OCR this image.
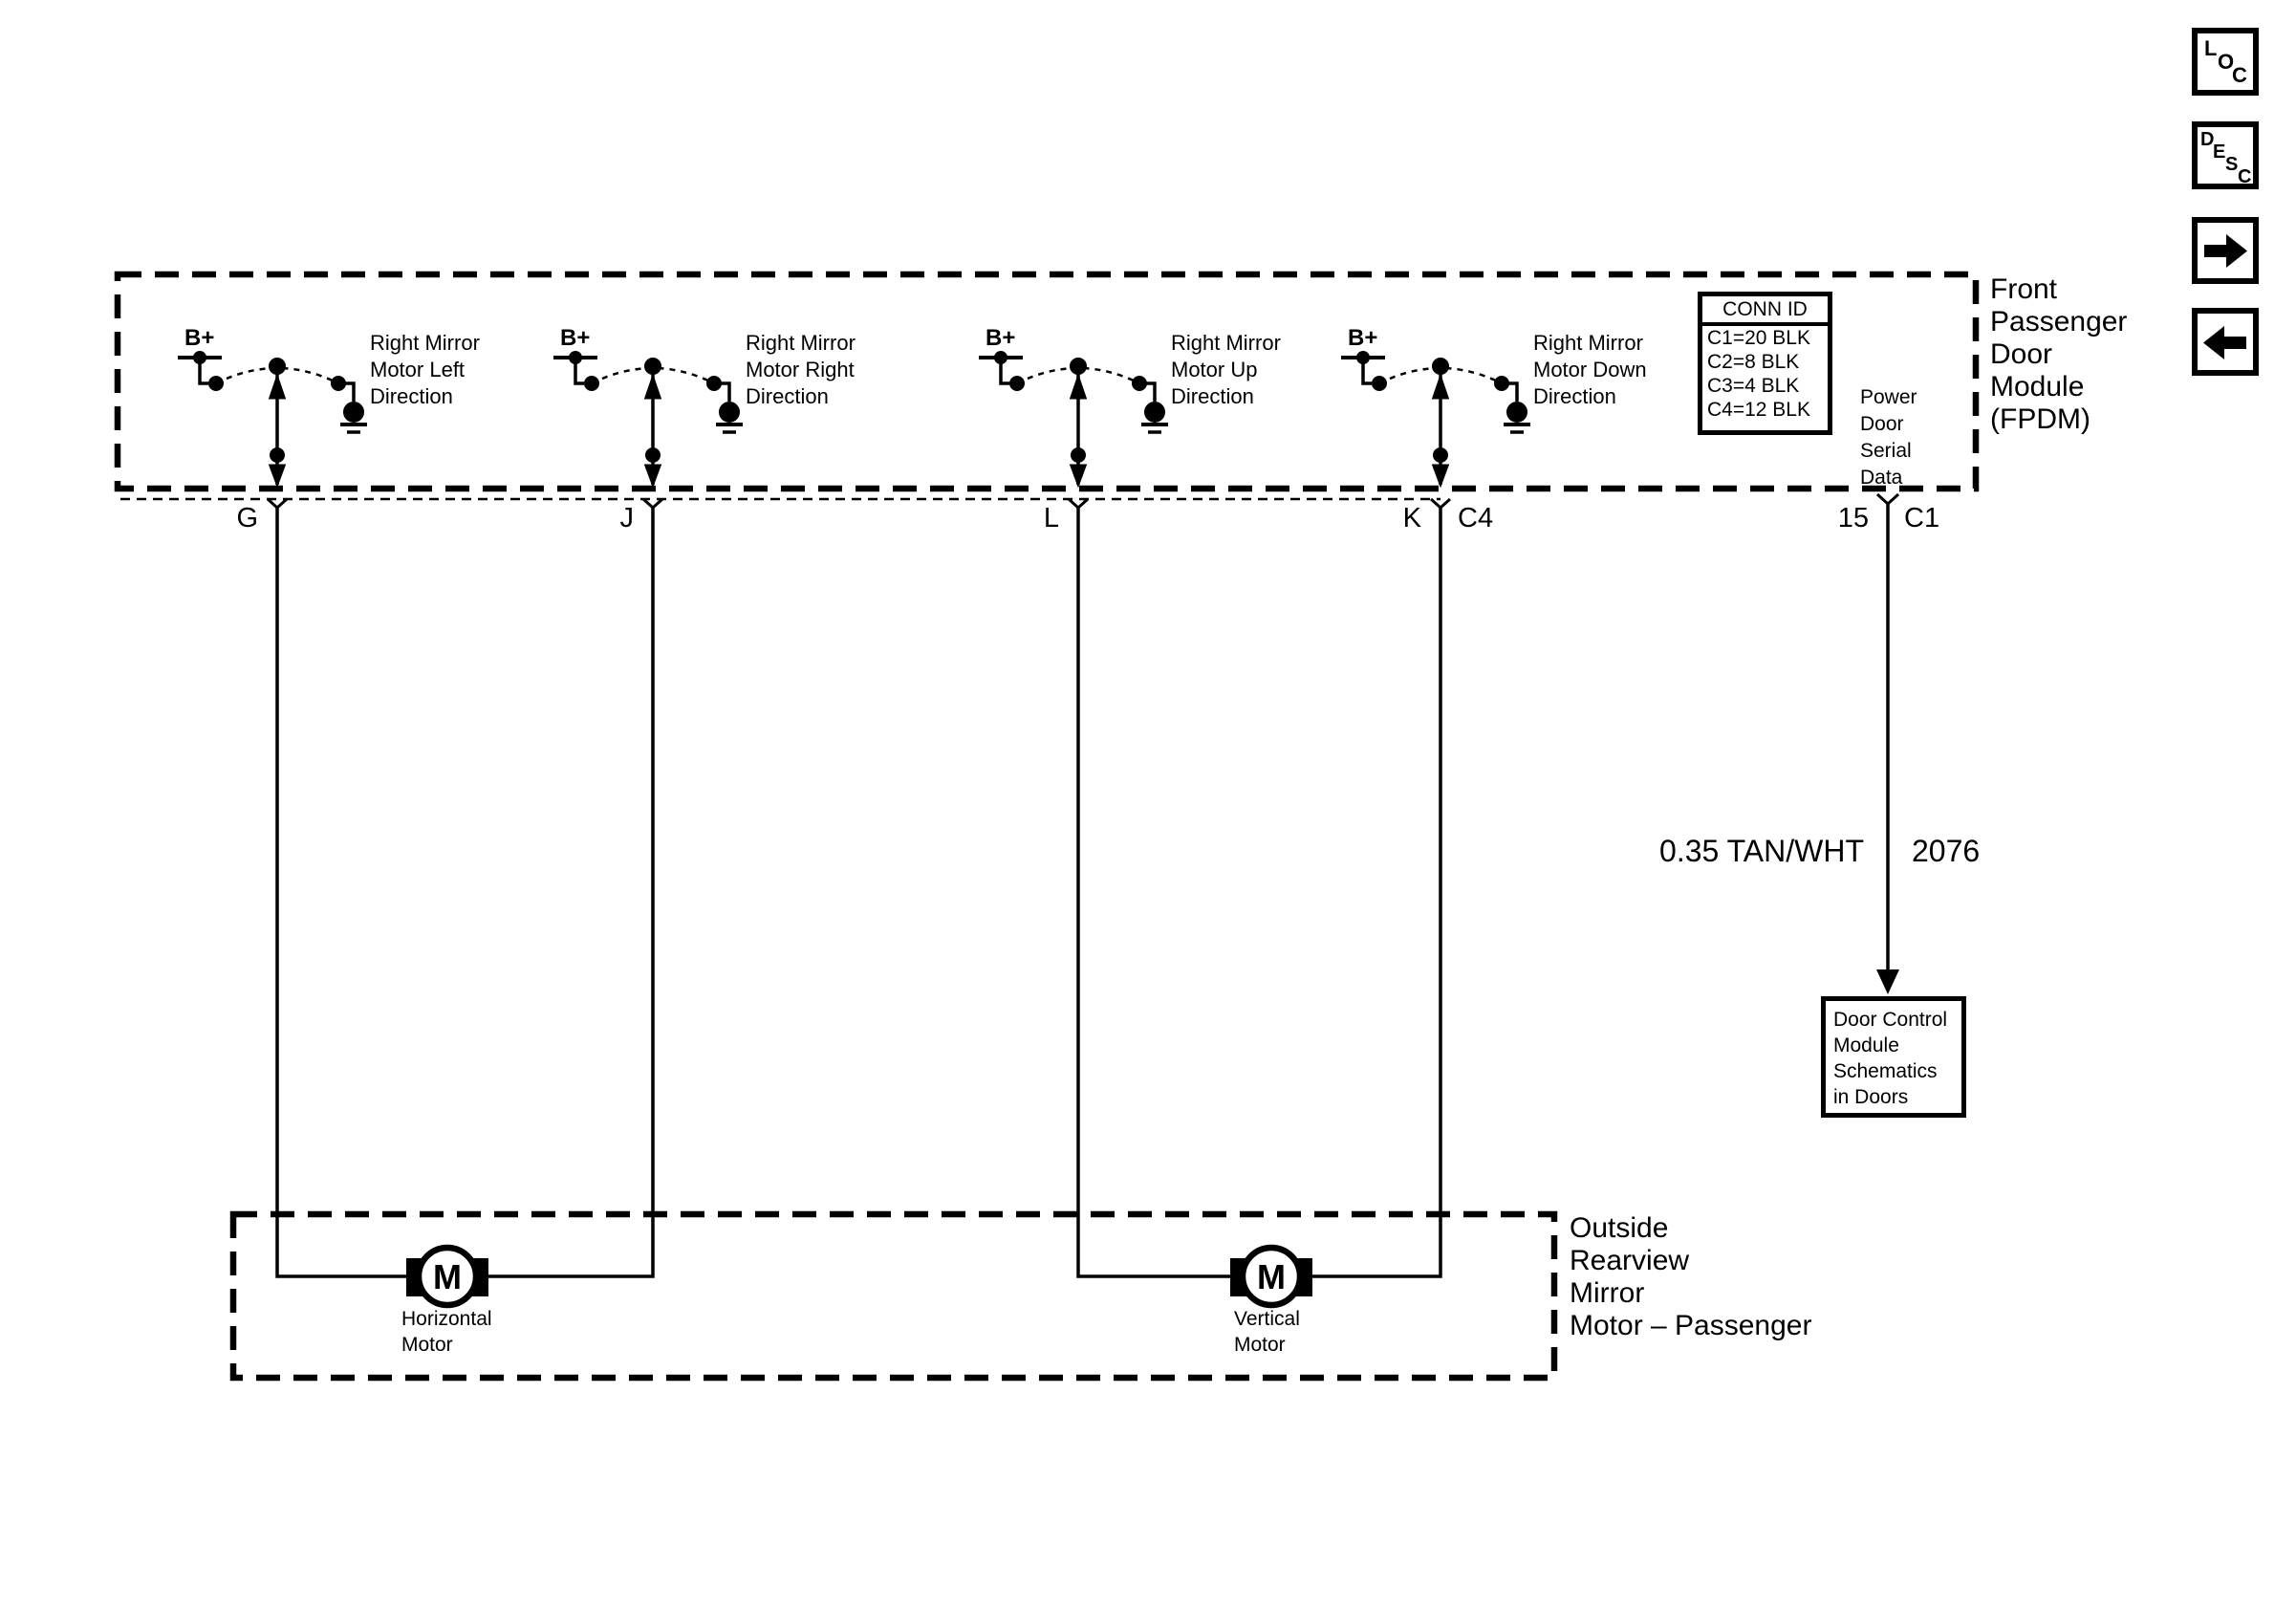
M	M
B+	B+	B+	B+
Right Mirror
Motor Left
Direction
Right Mirror
Motor Right
Direction
Right Mirror
Motor Up
Direction
Right Mirror
Motor Down
Direction
CONN ID
C1=20 BLK
C2=8 BLK
C3=4 BLK
C4=12 BLK
Power
Door
Serial
Data
Front
Passenger
Door
Module
(FPDM)
G	J	L	K C4	15 C1
0.35 TAN/WHT 2076
Door Control
Module
Schematics
in Doors
Outside
Rearview
Mirror
Motor – Passenger
Horizontal
Motor
Vertical
Motor
L
O
C
D
E
S
C
